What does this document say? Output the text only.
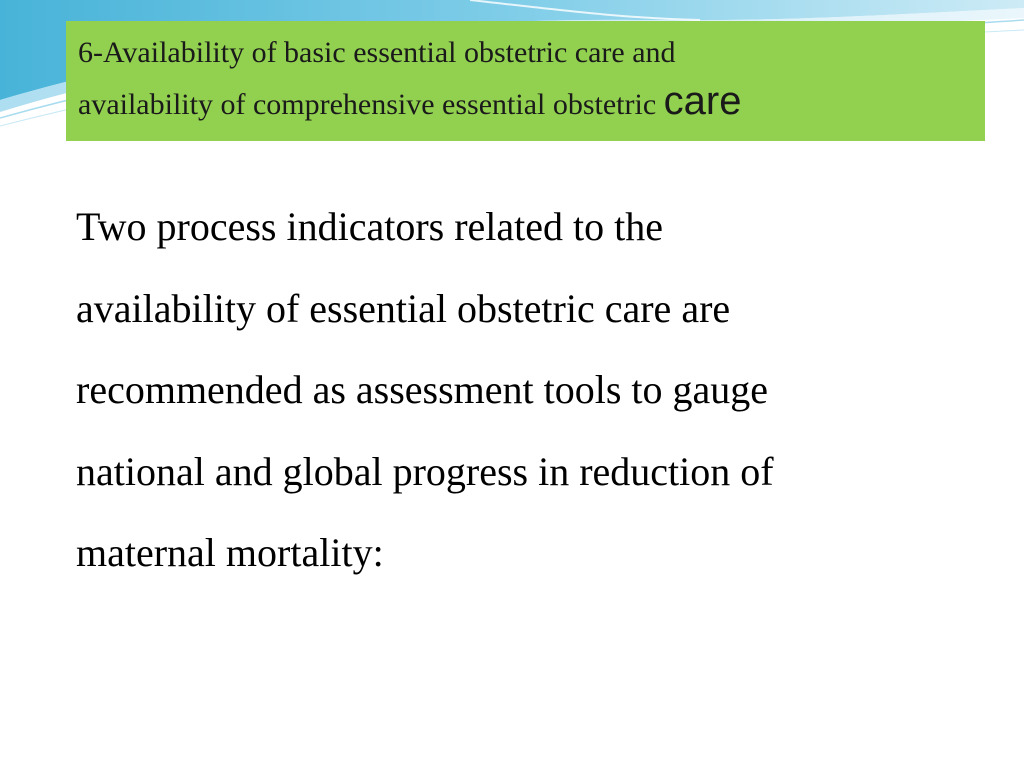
6-Availability of basic essential obstetric care and
availability of comprehensive essential obstetric care
Two process indicators related to the
availability of essential obstetric care are
recommended as assessment tools to gauge
national and global progress in reduction of
maternal mortality:
